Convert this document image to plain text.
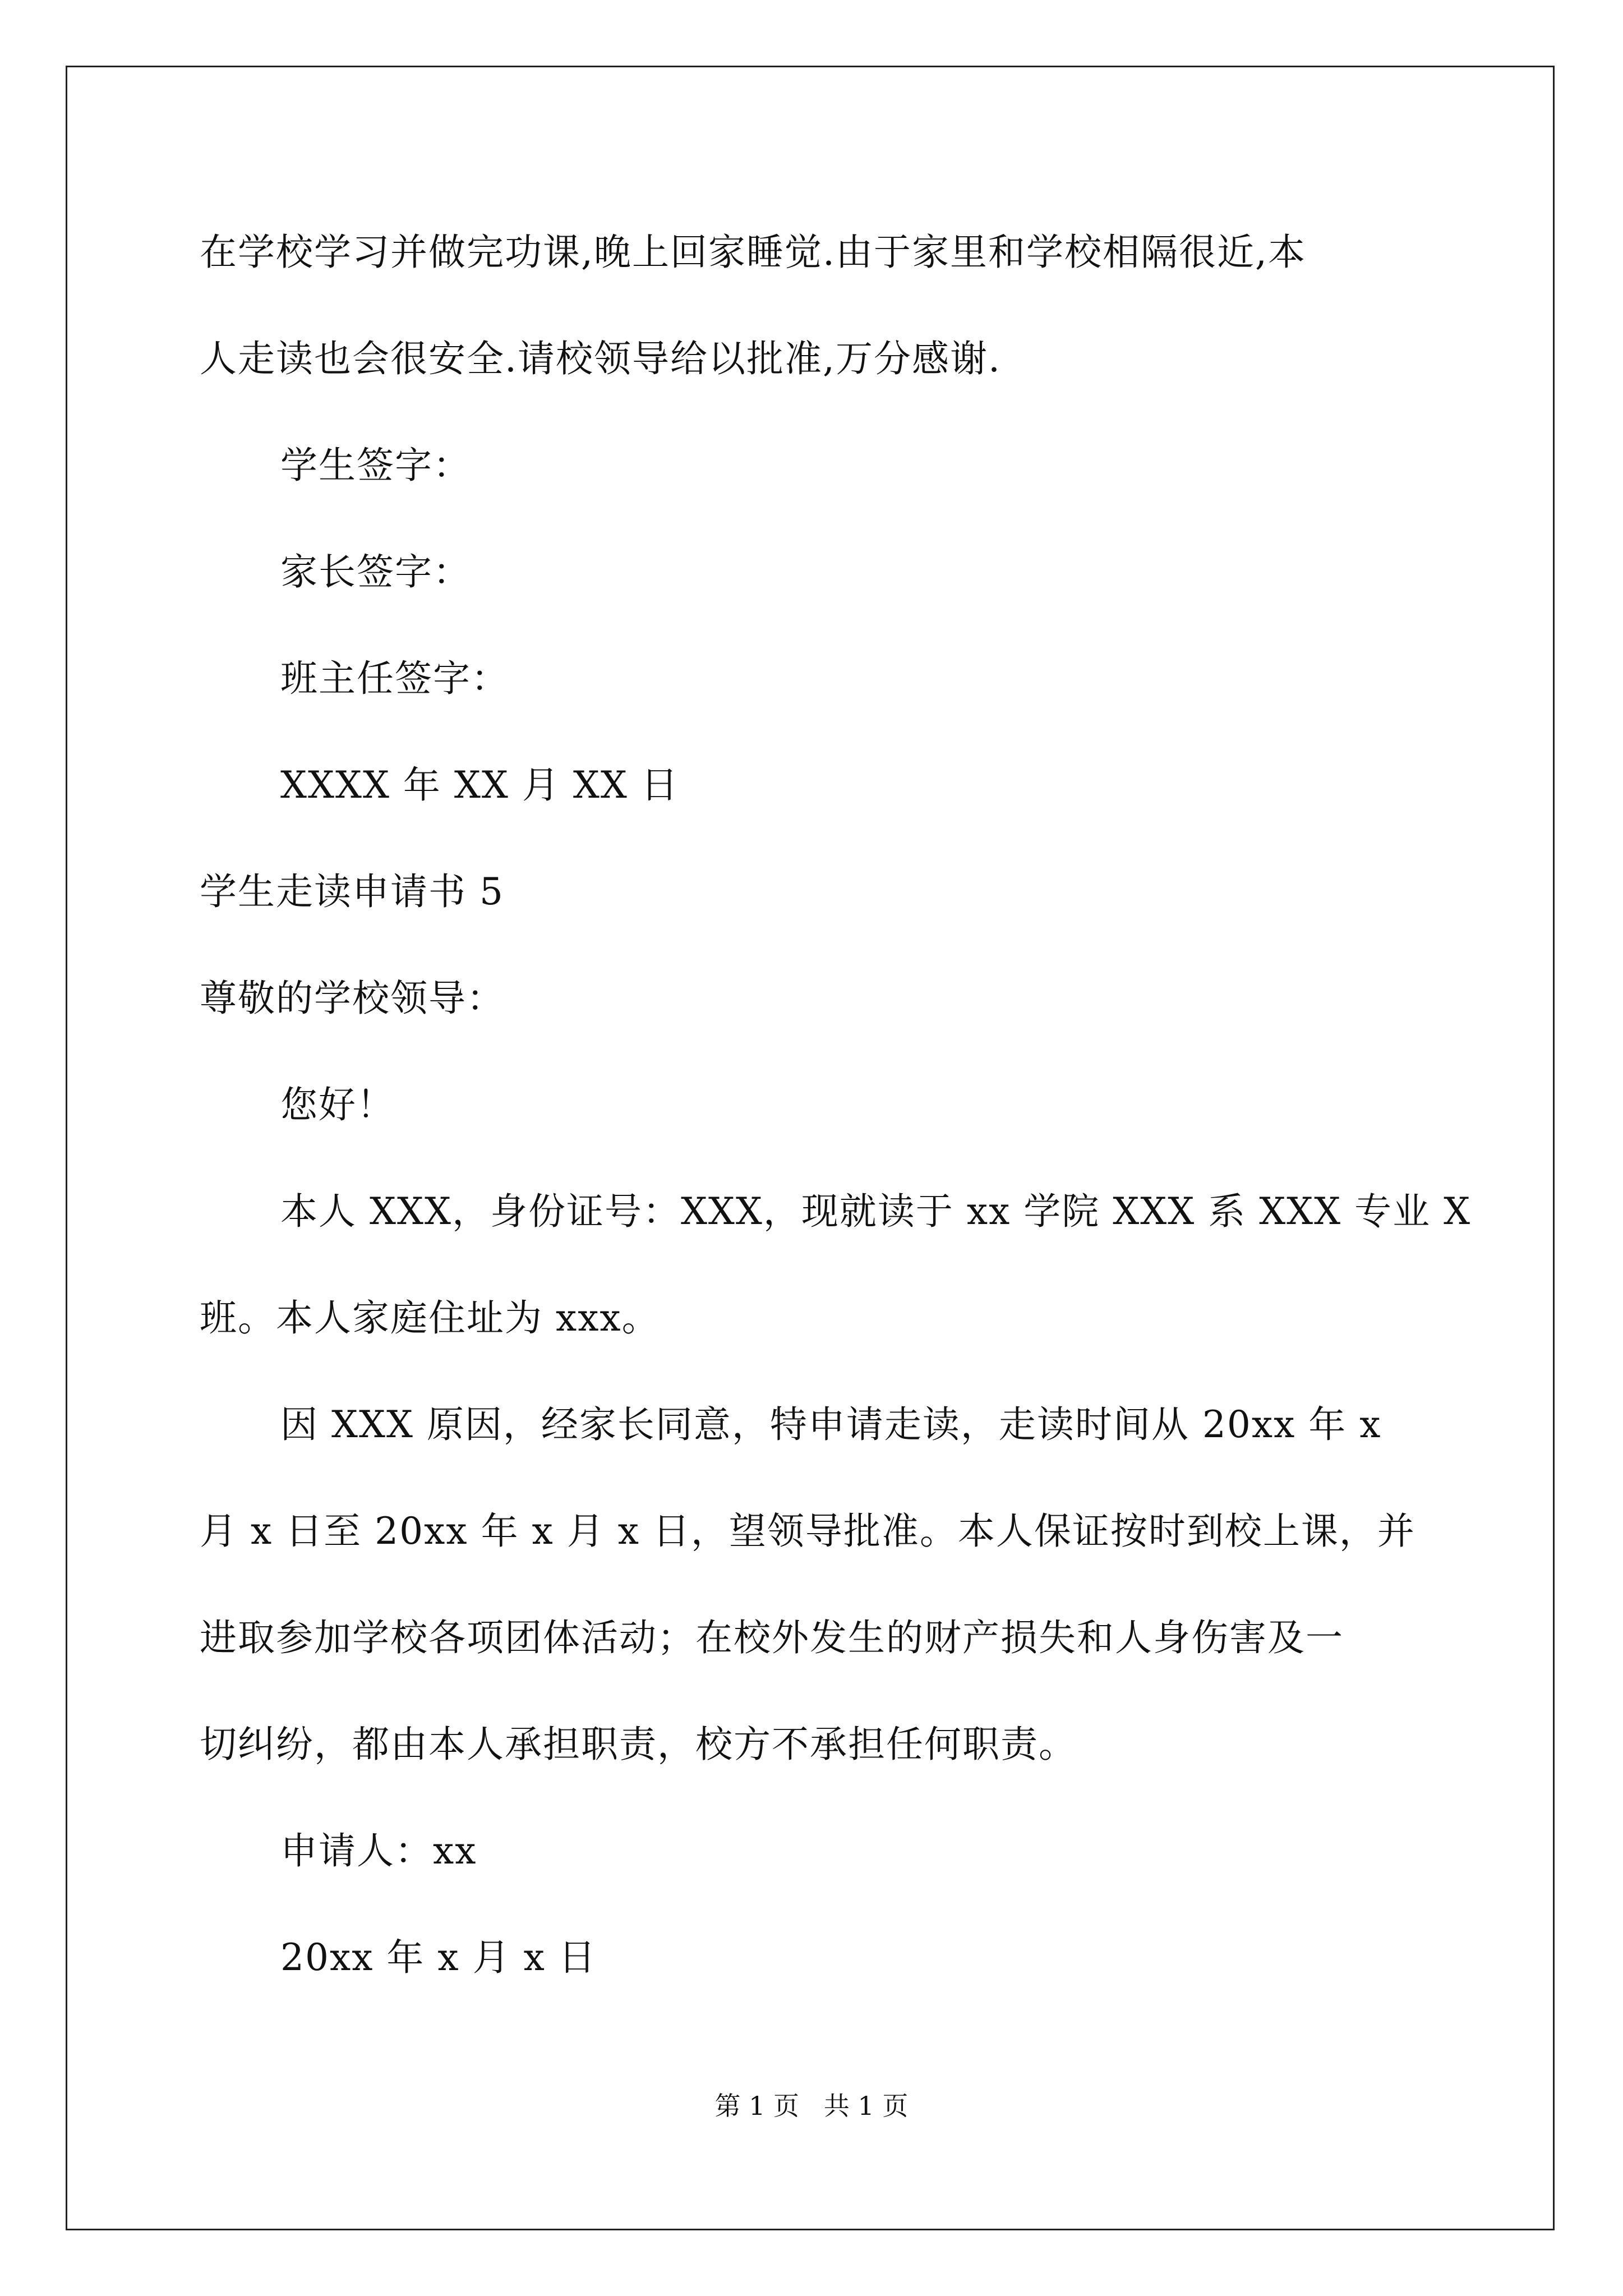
在学校学习并做完功课,晚上回家睡觉.由于家里和学校相隔很近,本
人走读也会很安全.请校领导给以批准,万分感谢.
学生签字：
家长签字：
班主任签字：
XXXX 年 XX 月 XX 日
学生走读申请书 5
尊敬的学校领导：
您好！
本人 XXX，身份证号：XXX，现就读于 xx 学院 XXX 系 XXX 专业 X
班。本人家庭住址为 xxx。
因 XXX 原因，经家长同意，特申请走读，走读时间从 20xx 年 x
月 x 日至 20xx 年 x 月 x 日，望领导批准。本人保证按时到校上课，并
进取参加学校各项团体活动；在校外发生的财产损失和人身伤害及一
切纠纷，都由本人承担职责，校方不承担任何职责。
申请人：xx
20xx 年 x 月 x 日
第 1 页   共 1 页
